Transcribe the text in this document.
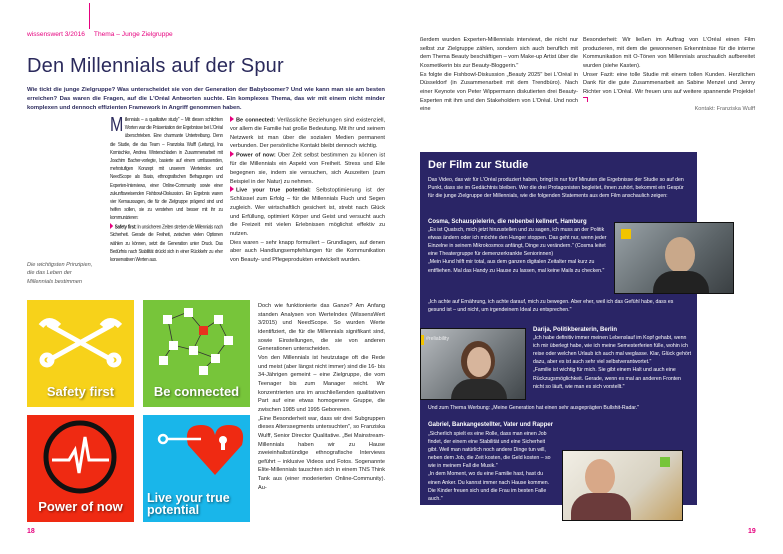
wissenswert 3/2016 Thema – Junge Zielgruppe
Den Millennials auf der Spur
Wie tickt die junge Zielgruppe? Was unterscheidet sie von der Generation der Babyboomer? Und wie kann man sie am besten erreichen? Das waren die Fragen, auf die L'Oréal Antworten suchte. Ein komplexes Thema, das wir mit einem nicht minder komplexen und dennoch effizienten Framework in Angriff genommen haben.
Die wichtigsten Prinzipien, die das Leben der Millennials bestimmen

Millennials – a qualitative study" – Mit diesen schlichten Worten war die Präsentation der Ergebnisse bei L'Oréal überschrieben. Eine charmante Untertreibung. Denn die Studie, die das Team – Franziska Wulff (Leitung), Ina Kornischke, Andrea Winterschladen in Zusammenarbeit mit Joachim Bacher-vorlegte, basierte auf einem umfassenden, mehrstufigen Konzept mit unserem Werteindex und NeedScope als Basis, ethnografischen Befragungen und Experten-Interviews, einer Online-Community sowie einer zukunftsweisenden Fishbowl-Diskussion. Ein Ergebnis waren vier Kernaussagen, die für die Zielgruppe prägend sind und helfen sollen, sie zu verstehen und besser mit ihr zu kommunizieren:

Safety first: In unsicheren Zeiten streben die Millennials nach Sicherheit. Gerade die Freiheit, zwischen vielen Optionen wählen zu können, setzt die Generation unter Druck. Das Bedürfnis nach Stabilität drückt sich in einer Rückkehr zu eher konservativen Werten aus.

Be connected: Verlässliche Beziehungen sind existenziell, vor allem die Familie hat große Bedeutung. Mit ihr und seinem Netzwerk ist man über die sozialen Medien permanent verbunden. Der persönliche Kontakt bleibt dennoch wichtig.

Power of now: Über Zeit selbst bestimmen zu können ist für die Millennials ein Aspekt von Freiheit. Stress und Eile begegnen sie, indem sie versuchen, sich Auszeiten (zum Beispiel in der Natur) zu nehmen.

Live your true potential: Selbstoptimierung ist der Schlüssel zum Erfolg – für die Millennials Fluch und Segen zugleich. Wer wirtschaftlich gesichert ist, strebt nach Glück und Erfüllung, optimiert Körper und Geist und versucht auch die Freizeit mit vielen Erlebnissen möglichst effektiv zu nutzen.

Dies waren – sehr knapp formuliert – Grundlagen, auf denen aber auch Handlungsempfehlungen für die Kommunikation von Beauty- und Pflegeprodukten entwickelt wurden.

Doch wie funktionierte das Ganze? Am Anfang standen Analysen von WerteIndex (WissensWert 3/2015) und NeedScope. So wurden Werte identifiziert, die für die Millennials signifikant sind, sowie Einstellungen, die sie von anderen Generationen unterscheiden.

Von den Millennials ist heutzutage oft die Rede und meist (aber längst nicht immer) sind die 16- bis 34-Jährigen gemeint – eine Zielgruppe, die vom Teenager bis zum Manager reicht. Wir konzentrierten uns im anschließenden qualitativen Part auf eine etwas homogenere Gruppe, die zwischen 1985 und 1995 Geborenen.

„Eine Besonderheit war, dass wir drei Subgruppen dieses Alterssegments untersuchten", so Franziska Wulff, Senior Director Qualitative. „Bei Mainstream-Millennials haben wir zu Hause zweieinhalbstündige ethnografische Interviews geführt – inklusive Videos und Fotos. Sogenannte Elite-Millennials tauschten sich in einem TNS Think Tank aus (einer moderierten Online-Community). Au-

Safety first	Be connected
Power of now
Live your true potential
18

ßerdem wurden Experten-Millennials interviewt, die nicht nur selbst zur Zielgruppe zählen, sondern sich auch beruflich mit dem Thema Beauty beschäftigen – vom Make-up Artist über die Kosmetikerin bis zur Beauty-Bloggerin."

Es folgte die Fishbowl-Diskussion „Beauty 2025" bei L'Oréal in Düsseldorf (in Zusammenarbeit mit dem Trendbüro). Nach einer Keynote von Peter Wippermann diskutierten drei Beauty-Experten mit ihm und den Stakeholdern von L'Oréal. Und noch eine

Besonderheit: Wir ließen im Auftrag von L'Oréal einen Film produzieren, mit dem die gewonnenen Erkenntnisse für die interne Kommunikation mit O-Tönen von Millennials anschaulich aufbereitet wurden (siehe Kasten).

Unser Fazit: eine tolle Studie mit einem tollen Kunden. Herzlichen Dank für die gute Zusammenarbeit an Sabine Menzel und Jenny Richter von L'Oréal. Wir freuen uns auf weitere spannende Projekte!

Kontakt: Franziska Wulff

Der Film zur Studie
Das Video, das wir für L'Oréal produziert haben, bringt in nur fünf Minuten die Ergebnisse der Studie so auf den Punkt, dass sie im Gedächtnis bleiben. Wer die drei Protagonisten begleitet, ihnen zuhört, bekommt ein Gespür für die junge Zielgruppe der Millennials, wie die folgenden Statements aus dem Film anschaulich zeigen:
Cosma, Schauspielerin, die nebenbei kellnert, Hamburg
„Es ist Quatsch, mich jetzt hinzustellen und zu sagen, ich muss an der Politik etwas ändern oder ich möchte den Hunger stoppen. Das geht nur, wenn jeder Einzelne in seinem Mikrokosmos anfängt, Dinge zu verändern." (Cosma leitet eine Theatergruppe für demenzerkrankte Seniorinnen)
„Mein Hund hilft mir total, aus dem ganzen digitalen Zeitalter mal kurz zu entfliehen. Mal das Handy zu Hause zu lassen, mal keine Mails zu checken."
„Ich achte auf Ernährung, ich achte darauf, mich zu bewegen. Aber eher, weil ich das Gefühl habe, dass es gesund ist – und nicht, um irgendeinem Ideal zu entsprechen."
Darija, Politikberaterin, Berlin
„Ich habe definitiv immer meinen Lebenslauf im Kopf gehabt, wenn ich mir überlegt habe, wie ich meine Semesterferien fülle, wohin ich reise oder welchen Urlaub ich auch mal weglasse. Klar, Glück gehört dazu, aber es ist auch sehr viel selbstverantwortet."
„Familie ist wichtig für mich. Sie gibt einem Halt und auch eine Rückzugsmöglichkeit. Gerade, wenn es mal an anderen Fronten nicht so läuft, wie man es sich vorstellt."
Und zum Thema Werbung: „Meine Generation hat einen sehr ausgeprägten Bullshit-Radar."
Gabriel, Bankangestellter, Vater und Rapper
„Sicherlich spielt es eine Rolle, dass man einen Job findet, der einem eine Stabilität und eine Sicherheit gibt. Weil man natürlich noch andere Dinge tun will, neben dem Job, die Zeit kosten, die Geld kosten – so wie in meinem Fall die Musik."
„In dem Moment, wo du eine Familie hast, hast du einen Anker. Du kannst immer nach Hause kommen. Die Kinder freuen sich und die Frau im besten Falle auch."
#reliability
19
